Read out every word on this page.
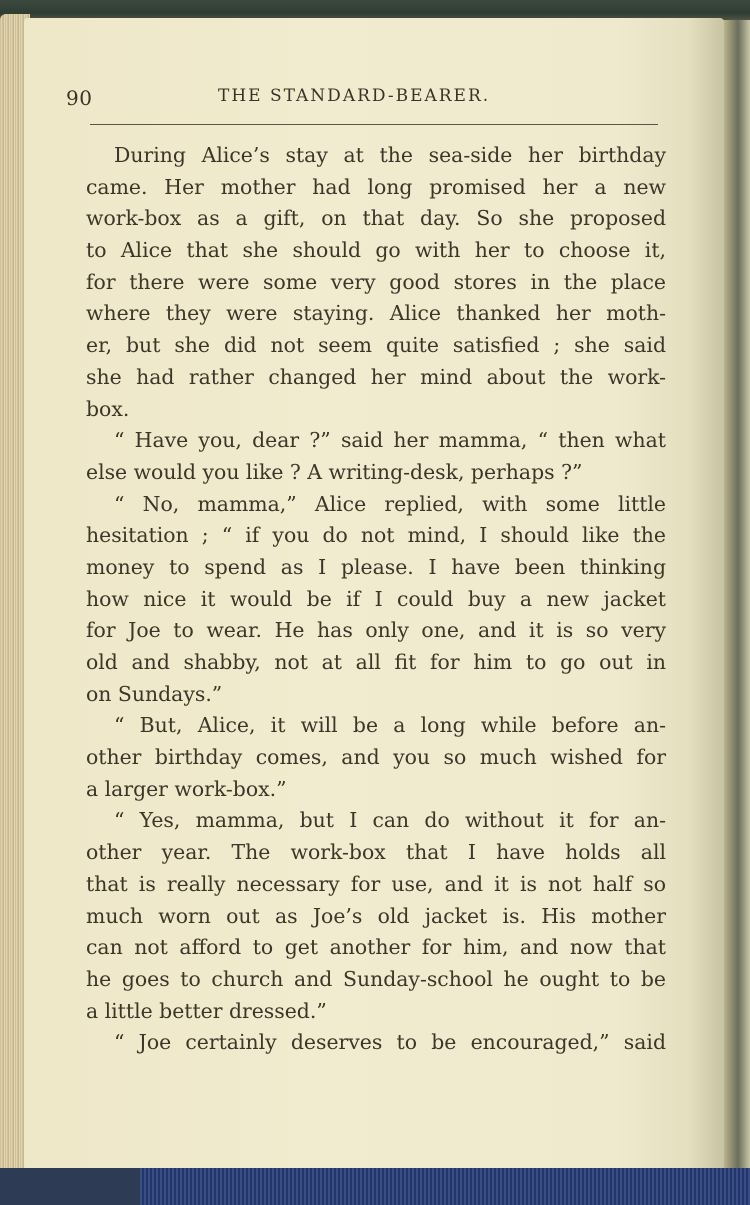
90	THE STANDARD-BEARER.
During Alice’s stay at the sea-side her birthday
came. Her mother had long promised her a new
work-box as a gift, on that day. So she proposed
to Alice that she should go with her to choose it,
for there were some very good stores in the place
where they were staying. Alice thanked her moth-
er, but she did not seem quite satisfied ; she said
she had rather changed her mind about the work-
box.
“ Have you, dear ?” said her mamma, “ then what
else would you like ? A writing-desk, perhaps ?”
“ No, mamma,” Alice replied, with some little
hesitation ; “ if you do not mind, I should like the
money to spend as I please. I have been thinking
how nice it would be if I could buy a new jacket
for Joe to wear. He has only one, and it is so very
old and shabby, not at all fit for him to go out in
on Sundays.”
“ But, Alice, it will be a long while before an-
other birthday comes, and you so much wished for
a larger work-box.”
“ Yes, mamma, but I can do without it for an-
other year. The work-box that I have holds all
that is really necessary for use, and it is not half so
much worn out as Joe’s old jacket is. His mother
can not afford to get another for him, and now that
he goes to church and Sunday-school he ought to be
a little better dressed.”
“ Joe certainly deserves to be encouraged,” said
